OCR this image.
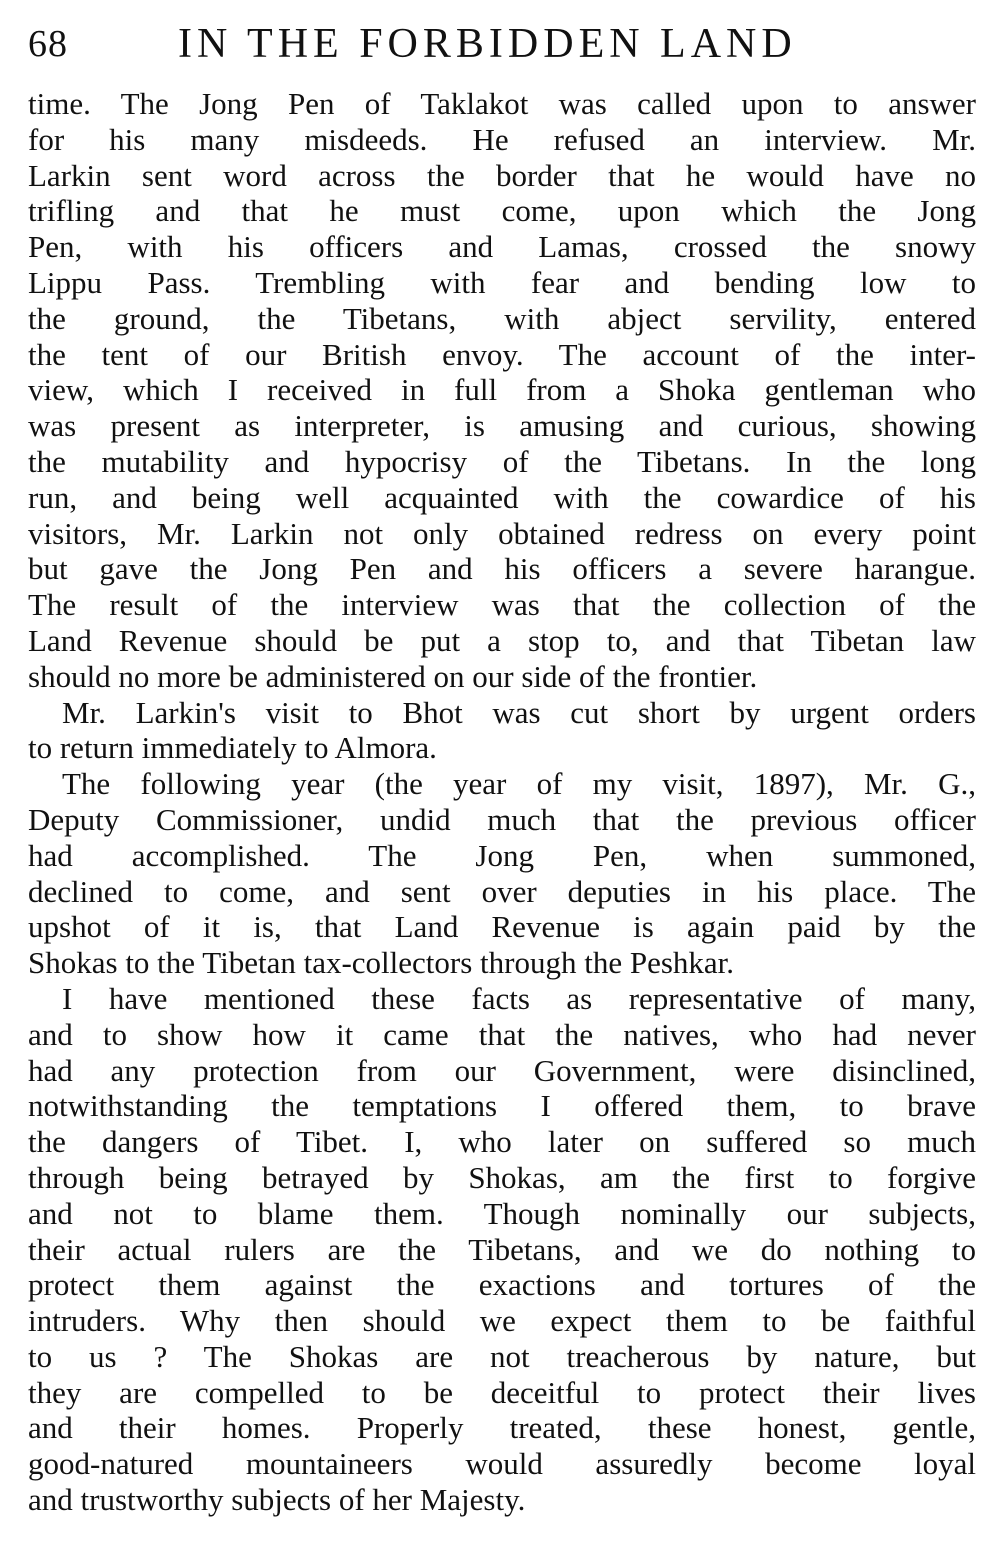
68	IN THE FORBIDDEN LAND
time. The Jong Pen of Taklakot was called upon to answer
for his many misdeeds. He refused an interview. Mr.
Larkin sent word across the border that he would have no
trifling and that he must come, upon which the Jong
Pen, with his officers and Lamas, crossed the snowy
Lippu Pass. Trembling with fear and bending low to
the ground, the Tibetans, with abject servility, entered
the tent of our British envoy. The account of the inter-
view, which I received in full from a Shoka gentleman who
was present as interpreter, is amusing and curious, showing
the mutability and hypocrisy of the Tibetans. In the long
run, and being well acquainted with the cowardice of his
visitors, Mr. Larkin not only obtained redress on every point
but gave the Jong Pen and his officers a severe harangue.
The result of the interview was that the collection of the
Land Revenue should be put a stop to, and that Tibetan law
should no more be administered on our side of the frontier.
Mr. Larkin's visit to Bhot was cut short by urgent orders
to return immediately to Almora.
The following year (the year of my visit, 1897), Mr. G.,
Deputy Commissioner, undid much that the previous officer
had accomplished. The Jong Pen, when summoned,
declined to come, and sent over deputies in his place. The
upshot of it is, that Land Revenue is again paid by the
Shokas to the Tibetan tax-collectors through the Peshkar.
I have mentioned these facts as representative of many,
and to show how it came that the natives, who had never
had any protection from our Government, were disinclined,
notwithstanding the temptations I offered them, to brave
the dangers of Tibet. I, who later on suffered so much
through being betrayed by Shokas, am the first to forgive
and not to blame them. Though nominally our subjects,
their actual rulers are the Tibetans, and we do nothing to
protect them against the exactions and tortures of the
intruders. Why then should we expect them to be faithful
to us ? The Shokas are not treacherous by nature, but
they are compelled to be deceitful to protect their lives
and their homes. Properly treated, these honest, gentle,
good-natured mountaineers would assuredly become loyal
and trustworthy subjects of her Majesty.
